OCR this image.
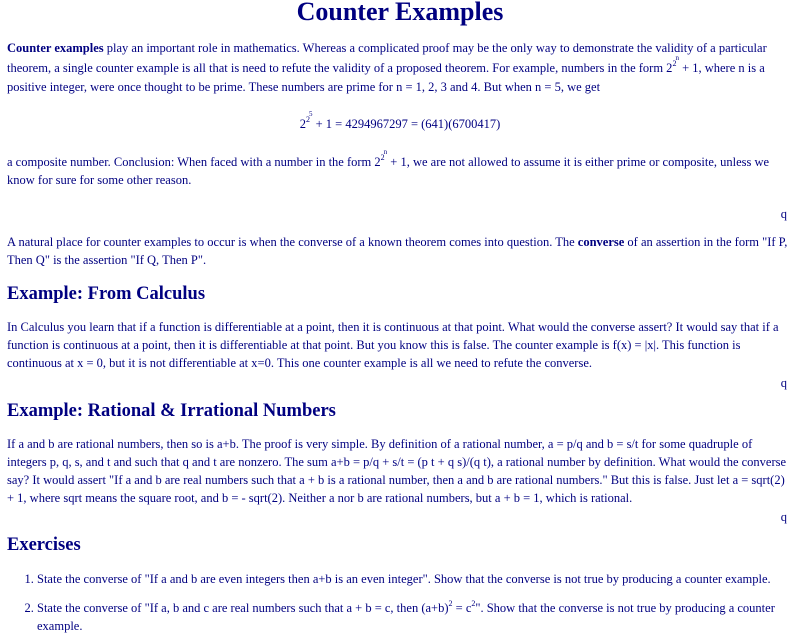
Counter Examples

Counter examples play an important role in mathematics. Whereas a complicated proof may be the only way to demonstrate the validity of a particular theorem, a single counter example is all that is need to refute the validity of a proposed theorem. For example, numbers in the form $2^{2n} + 1$, where n is a positive integer, were once thought to be prime. These numbers are prime for n = 1, 2, 3 and 4. But when n = 5, we get

$2^{25} + 1 = 4294967297 = (641)(6700417)$

a composite number. Conclusion: When faced with a number in the form $2^{2n} + 1$, we are not allowed to assume it is either prime or composite, unless we know for sure for some other reason.

q

A natural place for counter examples to occur is when the converse of a known theorem comes into question. The converse of an assertion in the form "If P, Then Q" is the assertion "If Q, Then P".

Example: From Calculus

In Calculus you learn that if a function is differentiable at a point, then it is continuous at that point. What would the converse assert? It would say that if a function is continuous at a point, then it is differentiable at that point. But you know this is false. The counter example is f(x) = |x|. This function is continuous at x = 0, but it is not differentiable at x=0. This one counter example is all we need to refute the converse.

q

Example: Rational & Irrational Numbers

If a and b are rational numbers, then so is a+b. The proof is very simple. By definition of a rational number, a = p/q and b = s/t for some quadruple of integers p, q, s, and t and such that q and t are nonzero. The sum a+b = p/q + s/t = (p t + q s)/(q t), a rational number by definition. What would the converse say? It would assert "If a and b are real numbers such that a + b is a rational number, then a and b are rational numbers." But this is false. Just let a = sqrt(2) + 1, where sqrt means the square root, and b = - sqrt(2). Neither a nor b are rational numbers, but a + b = 1, which is rational.

q

Exercises
1. State the converse of "If a and b are even integers then a+b is an even integer". Show that the converse is not true by producing a counter example.
2. State the converse of "If a, b and c are real numbers such that a + b = c, then $(a+b)^2 = c^2$". Show that the converse is not true by producing a counter example.
